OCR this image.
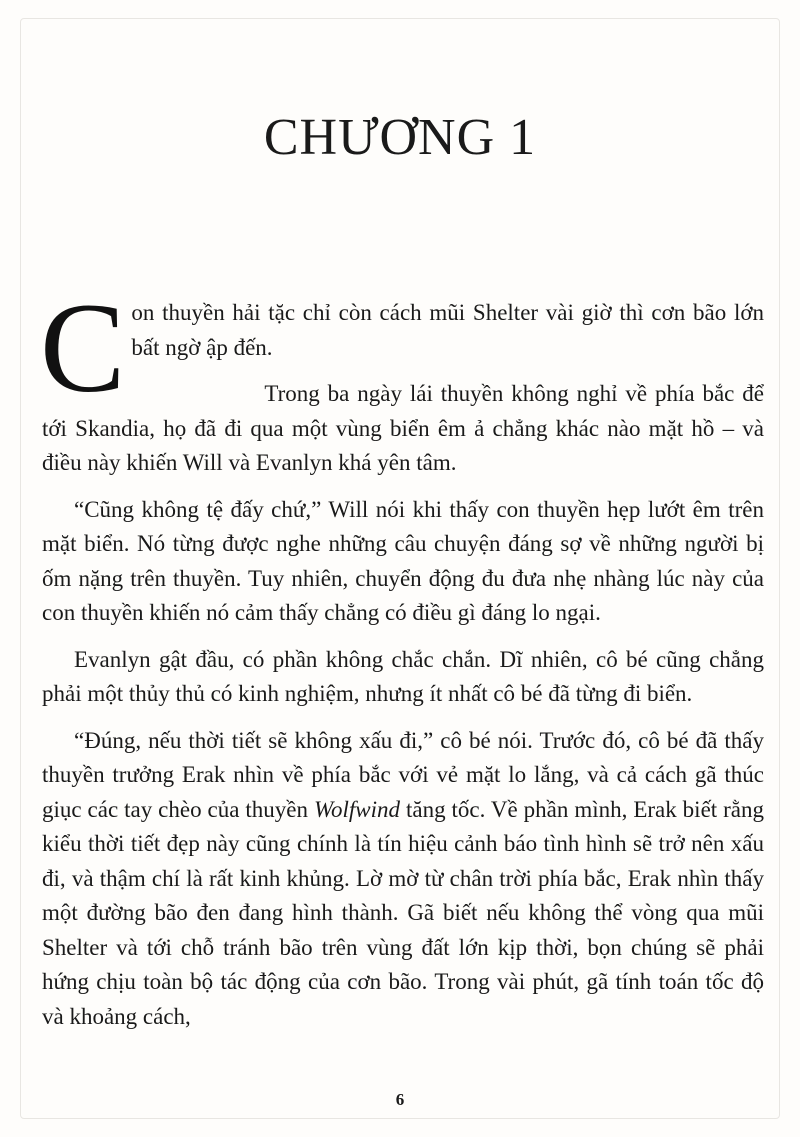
CHƯƠNG 1

Con thuyền hải tặc chỉ còn cách mũi Shelter vài giờ thì cơn bão lớn bất ngờ ập đến.

Trong ba ngày lái thuyền không nghỉ về phía bắc để tới Skandia, họ đã đi qua một vùng biển êm ả chẳng khác nào mặt hồ – và điều này khiến Will và Evanlyn khá yên tâm.

“Cũng không tệ đấy chứ,” Will nói khi thấy con thuyền hẹp lướt êm trên mặt biển. Nó từng được nghe những câu chuyện đáng sợ về những người bị ốm nặng trên thuyền. Tuy nhiên, chuyển động đu đưa nhẹ nhàng lúc này của con thuyền khiến nó cảm thấy chẳng có điều gì đáng lo ngại.

Evanlyn gật đầu, có phần không chắc chắn. Dĩ nhiên, cô bé cũng chẳng phải một thủy thủ có kinh nghiệm, nhưng ít nhất cô bé đã từng đi biển.

“Đúng, nếu thời tiết sẽ không xấu đi,” cô bé nói. Trước đó, cô bé đã thấy thuyền trưởng Erak nhìn về phía bắc với vẻ mặt lo lắng, và cả cách gã thúc giục các tay chèo của thuyền Wolfwind tăng tốc. Về phần mình, Erak biết rằng kiểu thời tiết đẹp này cũng chính là tín hiệu cảnh báo tình hình sẽ trở nên xấu đi, và thậm chí là rất kinh khủng. Lờ mờ từ chân trời phía bắc, Erak nhìn thấy một đường bão đen đang hình thành. Gã biết nếu không thể vòng qua mũi Shelter và tới chỗ tránh bão trên vùng đất lớn kịp thời, bọn chúng sẽ phải hứng chịu toàn bộ tác động của cơn bão. Trong vài phút, gã tính toán tốc độ và khoảng cách,

6
